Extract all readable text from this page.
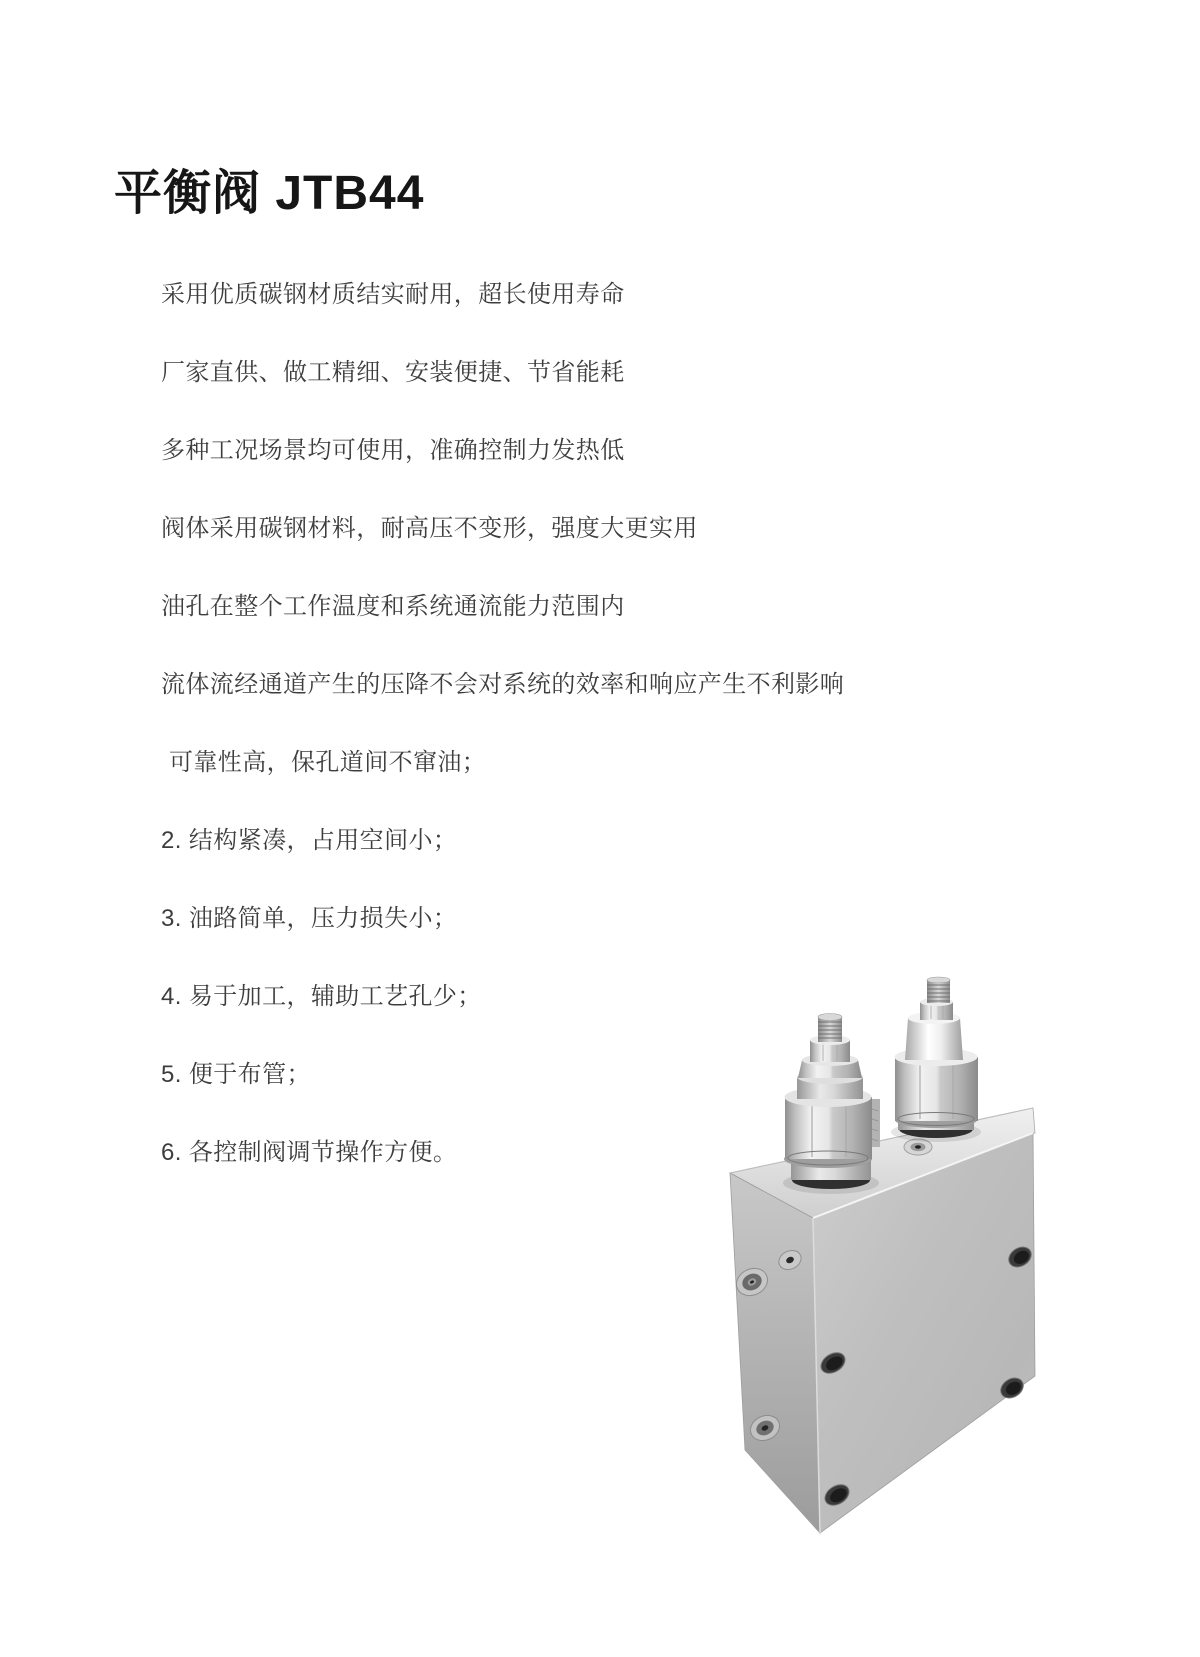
平衡阀 JTB44

采用优质碳钢材质结实耐用，超长使用寿命

厂家直供、做工精细、安装便捷、节省能耗

多种工况场景均可使用，准确控制力发热低

阀体采用碳钢材料，耐高压不变形，强度大更实用

油孔在整个工作温度和系统通流能力范围内

流体流经通道产生的压降不会对系统的效率和响应产生不利影响

可靠性高，保孔道间不窜油；

2. 结构紧凑，占用空间小；

3. 油路简单，压力损失小；

4. 易于加工，辅助工艺孔少；

5. 便于布管；

6. 各控制阀调节操作方便。
